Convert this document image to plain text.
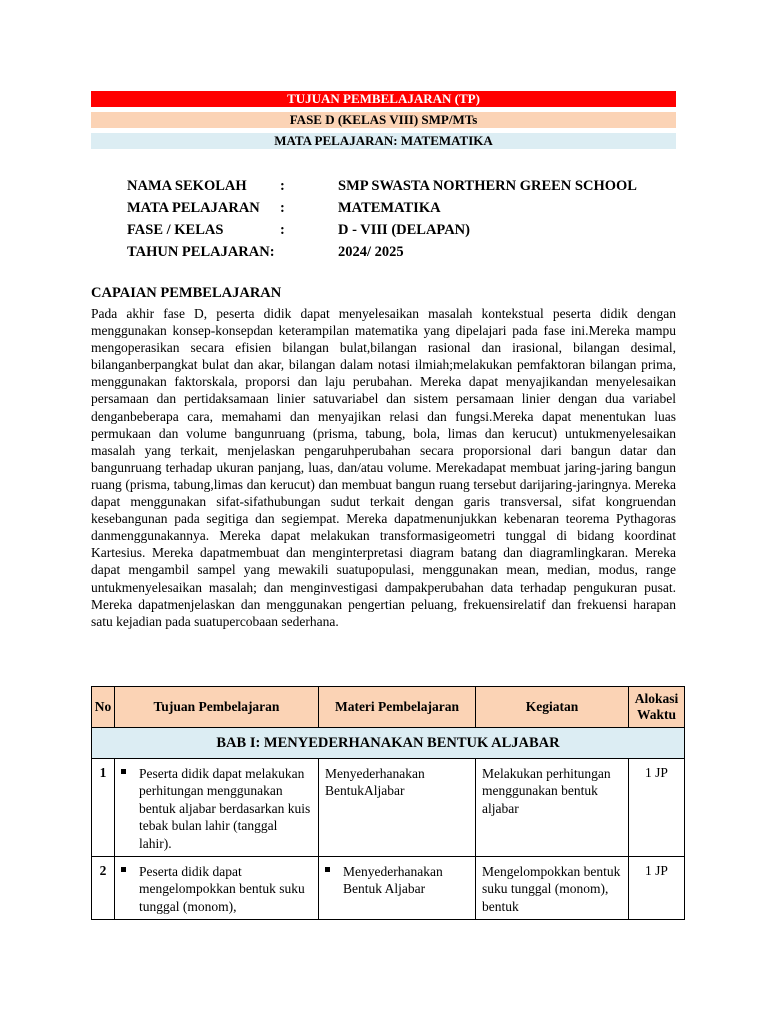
TUJUAN PEMBELAJARAN (TP)
FASE D (KELAS VIII) SMP/MTs
MATA PELAJARAN: MATEMATIKA
NAMA SEKOLAH :	SMP SWASTA NORTHERN GREEN SCHOOL
MATA PELAJARAN :	MATEMATIKA
FASE / KELAS	:	D - VIII (DELAPAN)
TAHUN PELAJARAN:	2024/ 2025
CAPAIAN PEMBELAJARAN

Pada akhir fase D, peserta didik dapat menyelesaikan masalah kontekstual peserta didik dengan menggunakan konsep-konsepdan keterampilan matematika yang dipelajari pada fase ini.Mereka mampu mengoperasikan secara efisien bilangan bulat,bilangan rasional dan irasional, bilangan desimal, bilanganberpangkat bulat dan akar, bilangan dalam notasi ilmiah;melakukan pemfaktoran bilangan prima, menggunakan faktorskala, proporsi dan laju perubahan. Mereka dapat menyajikandan menyelesaikan persamaan dan pertidaksamaan linier satuvariabel dan sistem persamaan linier dengan dua variabel denganbeberapa cara, memahami dan menyajikan relasi dan fungsi.Mereka dapat menentukan luas permukaan dan volume bangunruang (prisma, tabung, bola, limas dan kerucut) untukmenyelesaikan masalah yang terkait, menjelaskan pengaruhperubahan secara proporsional dari bangun datar dan bangunruang terhadap ukuran panjang, luas, dan/atau volume. Merekadapat membuat jaring-jaring bangun ruang (prisma, tabung,limas dan kerucut) dan membuat bangun ruang tersebut darijaring-jaringnya. Mereka dapat menggunakan sifat-sifathubungan sudut terkait dengan garis transversal, sifat kongruendan kesebangunan pada segitiga dan segiempat. Mereka dapatmenunjukkan kebenaran teorema Pythagoras danmenggunakannya. Mereka dapat melakukan transformasigeometri tunggal di bidang koordinat Kartesius. Mereka dapatmembuat dan menginterpretasi diagram batang dan diagramlingkaran. Mereka dapat mengambil sampel yang mewakili suatupopulasi, menggunakan mean, median, modus, range untukmenyelesaikan masalah; dan menginvestigasi dampakperubahan data terhadap pengukuran pusat. Mereka dapatmenjelaskan dan menggunakan pengertian peluang, frekuensirelatif dan frekuensi harapan satu kejadian pada suatupercobaan sederhana.

No	Tujuan Pembelajaran	Materi Pembelajaran	Kegiatan	Alokasi Waktu
BAB I: MENYEDERHANAKAN BENTUK ALJABAR				
1	Peserta didik dapat melakukan perhitungan menggunakan bentuk aljabar berdasarkan kuis tebak bulan lahir (tanggal lahir).	Menyederhanakan BentukAljabar	Melakukan perhitungan menggunakan bentuk aljabar	1 JP
2	Peserta didik dapat mengelompokkan bentuk suku tunggal (monom),	Menyederhanakan Bentuk Aljabar	Mengelompokkan bentuk suku tunggal (monom), bentuk	1 JP
